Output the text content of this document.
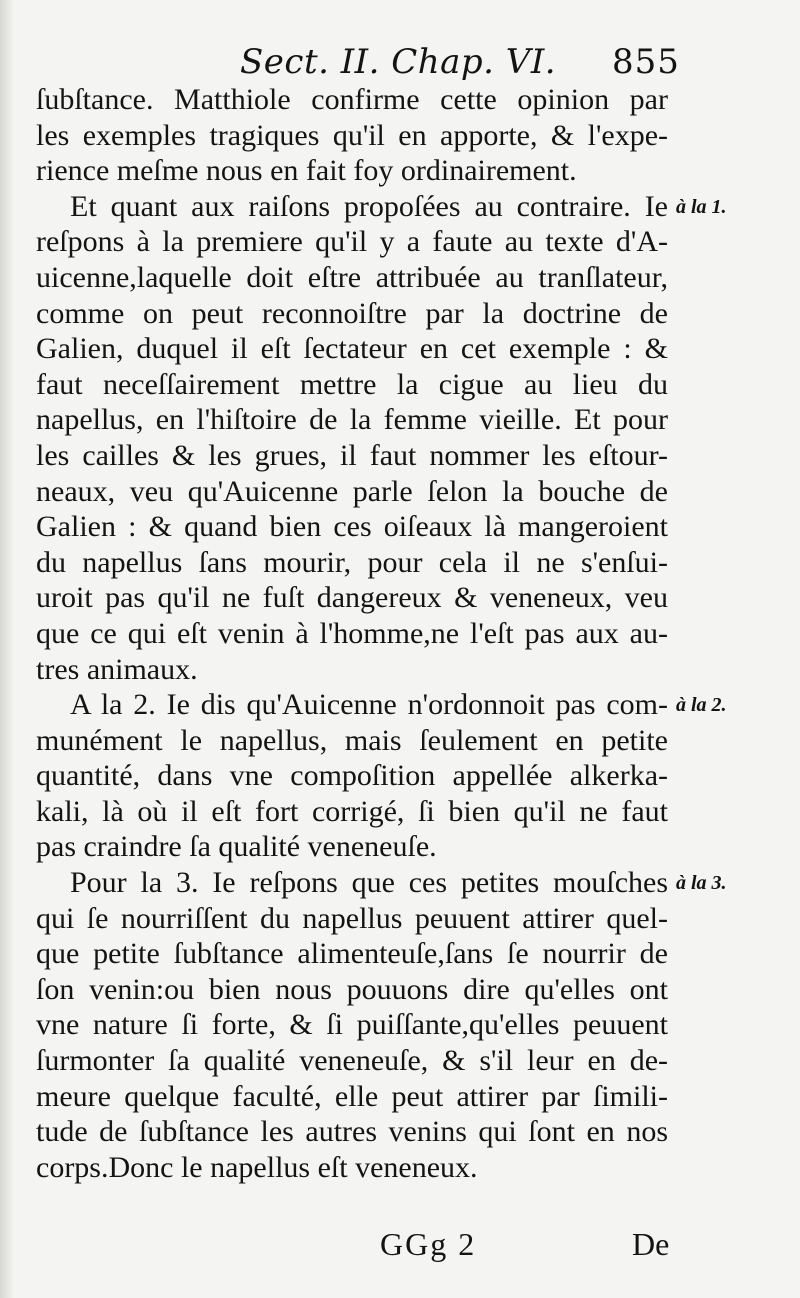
Sect. II. Chap. VI. 855
ſubſtance. Matthiole confirme cette opinion par
les exemples tragiques qu'il en apporte, & l'expe-
rience meſme nous en fait foy ordinairement.
Et quant aux raiſons propoſées au contraire. Ie
reſpons à la premiere qu'il y a faute au texte d'A-
uicenne,laquelle doit eſtre attribuée au tranſlateur,
comme on peut reconnoiſtre par la doctrine de
Galien, duquel il eſt ſectateur en cet exemple : &
faut neceſſairement mettre la cigue au lieu du
napellus, en l'hiſtoire de la femme vieille. Et pour
les cailles & les grues, il faut nommer les eſtour-
neaux, veu qu'Auicenne parle ſelon la bouche de
Galien : & quand bien ces oiſeaux là mangeroient
du napellus ſans mourir, pour cela il ne s'enſui-
uroit pas qu'il ne fuſt dangereux & veneneux, veu
que ce qui eſt venin à l'homme,ne l'eſt pas aux au-
tres animaux.
A la 2. Ie dis qu'Auicenne n'ordonnoit pas com-
munément le napellus, mais ſeulement en petite
quantité, dans vne compoſition appellée alkerka-
kali, là où il eſt fort corrigé, ſi bien qu'il ne faut
pas craindre ſa qualité veneneuſe.
Pour la 3. Ie reſpons que ces petites mouſches
qui ſe nourriſſent du napellus peuuent attirer quel-
que petite ſubſtance alimenteuſe,ſans ſe nourrir de
ſon venin:ou bien nous pouuons dire qu'elles ont
vne nature ſi forte, & ſi puiſſante,qu'elles peuuent
ſurmonter ſa qualité veneneuſe, & s'il leur en de-
meure quelque faculté, elle peut attirer par ſimili-
tude de ſubſtance les autres venins qui ſont en nos
corps.Donc le napellus eſt veneneux.
à la 1.
à la 2.
à la 3.
GGg 2	De
